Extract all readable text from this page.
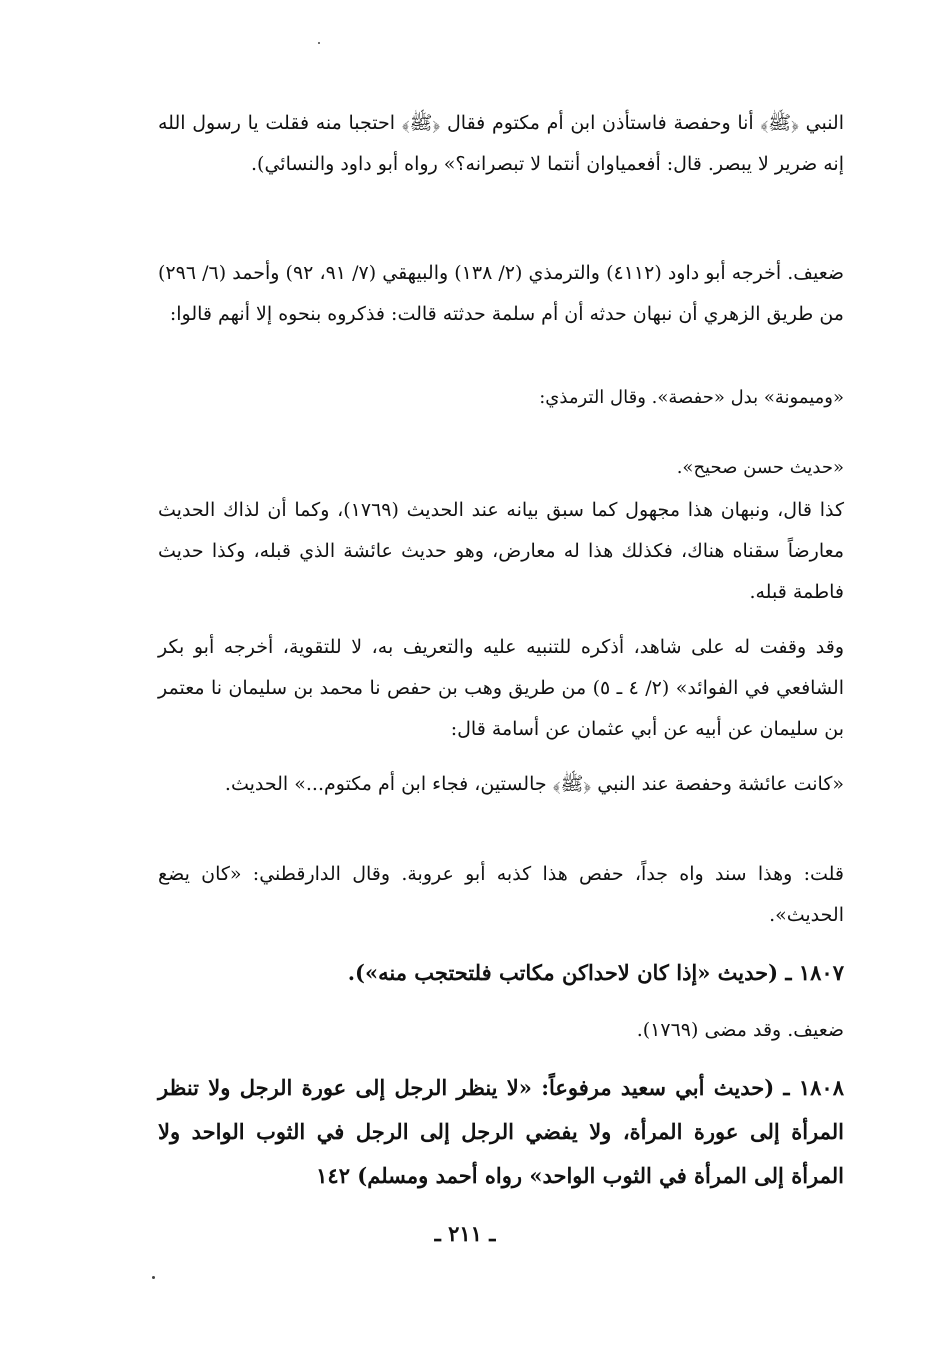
النبي ﴿ﷺ﴾ أنا وحفصة فاستأذن ابن أم مكتوم فقال ﴿ﷺ﴾ احتجبا منه فقلت يا رسول الله إنه ضرير لا يبصر. قال: أفعمياوان أنتما لا تبصرانه؟» رواه أبو داود والنسائي).

ضعيف. أخرجه أبو داود (٤١١٢) والترمذي (٢/ ١٣٨) والبيهقي (٧/ ٩١، ٩٢) وأحمد (٦/ ٢٩٦) من طريق الزهري أن نبهان حدثه أن أم سلمة حدثته قالت: فذكروه بنحوه إلا أنهم قالوا:

«وميمونة» بدل «حفصة». وقال الترمذي:

«حديث حسن صحيح».

كذا قال، ونبهان هذا مجهول كما سبق بيانه عند الحديث (١٧٦٩)، وكما أن لذاك الحديث معارضاً سقناه هناك، فكذلك هذا له معارض، وهو حديث عائشة الذي قبله، وكذا حديث فاطمة قبله.

وقد وقفت له على شاهد، أذكره للتنبيه عليه والتعريف به، لا للتقوية، أخرجه أبو بكر الشافعي في الفوائد» (٢/ ٤ ـ ٥) من طريق وهب بن حفص نا محمد بن سليمان نا معتمر بن سليمان عن أبيه عن أبي عثمان عن أسامة قال:

«كانت عائشة وحفصة عند النبي ﴿ﷺ﴾ جالستين، فجاء ابن أم مكتوم...» الحديث.

قلت: وهذا سند واه جداً، حفص هذا كذبه أبو عروبة. وقال الدارقطني: «كان يضع الحديث».

١٨٠٧ ـ (حديث «إذا كان لاحداكن مكاتب فلتحتجب منه»).

ضعيف. وقد مضى (١٧٦٩).

١٨٠٨ ـ (حديث أبي سعيد مرفوعاً: «لا ينظر الرجل إلى عورة الرجل ولا تنظر المرأة إلى عورة المرأة، ولا يفضي الرجل إلى الرجل في الثوب الواحد ولا المرأة إلى المرأة في الثوب الواحد» رواه أحمد ومسلم) ١٤٢

ـ ٢١١ ـ
